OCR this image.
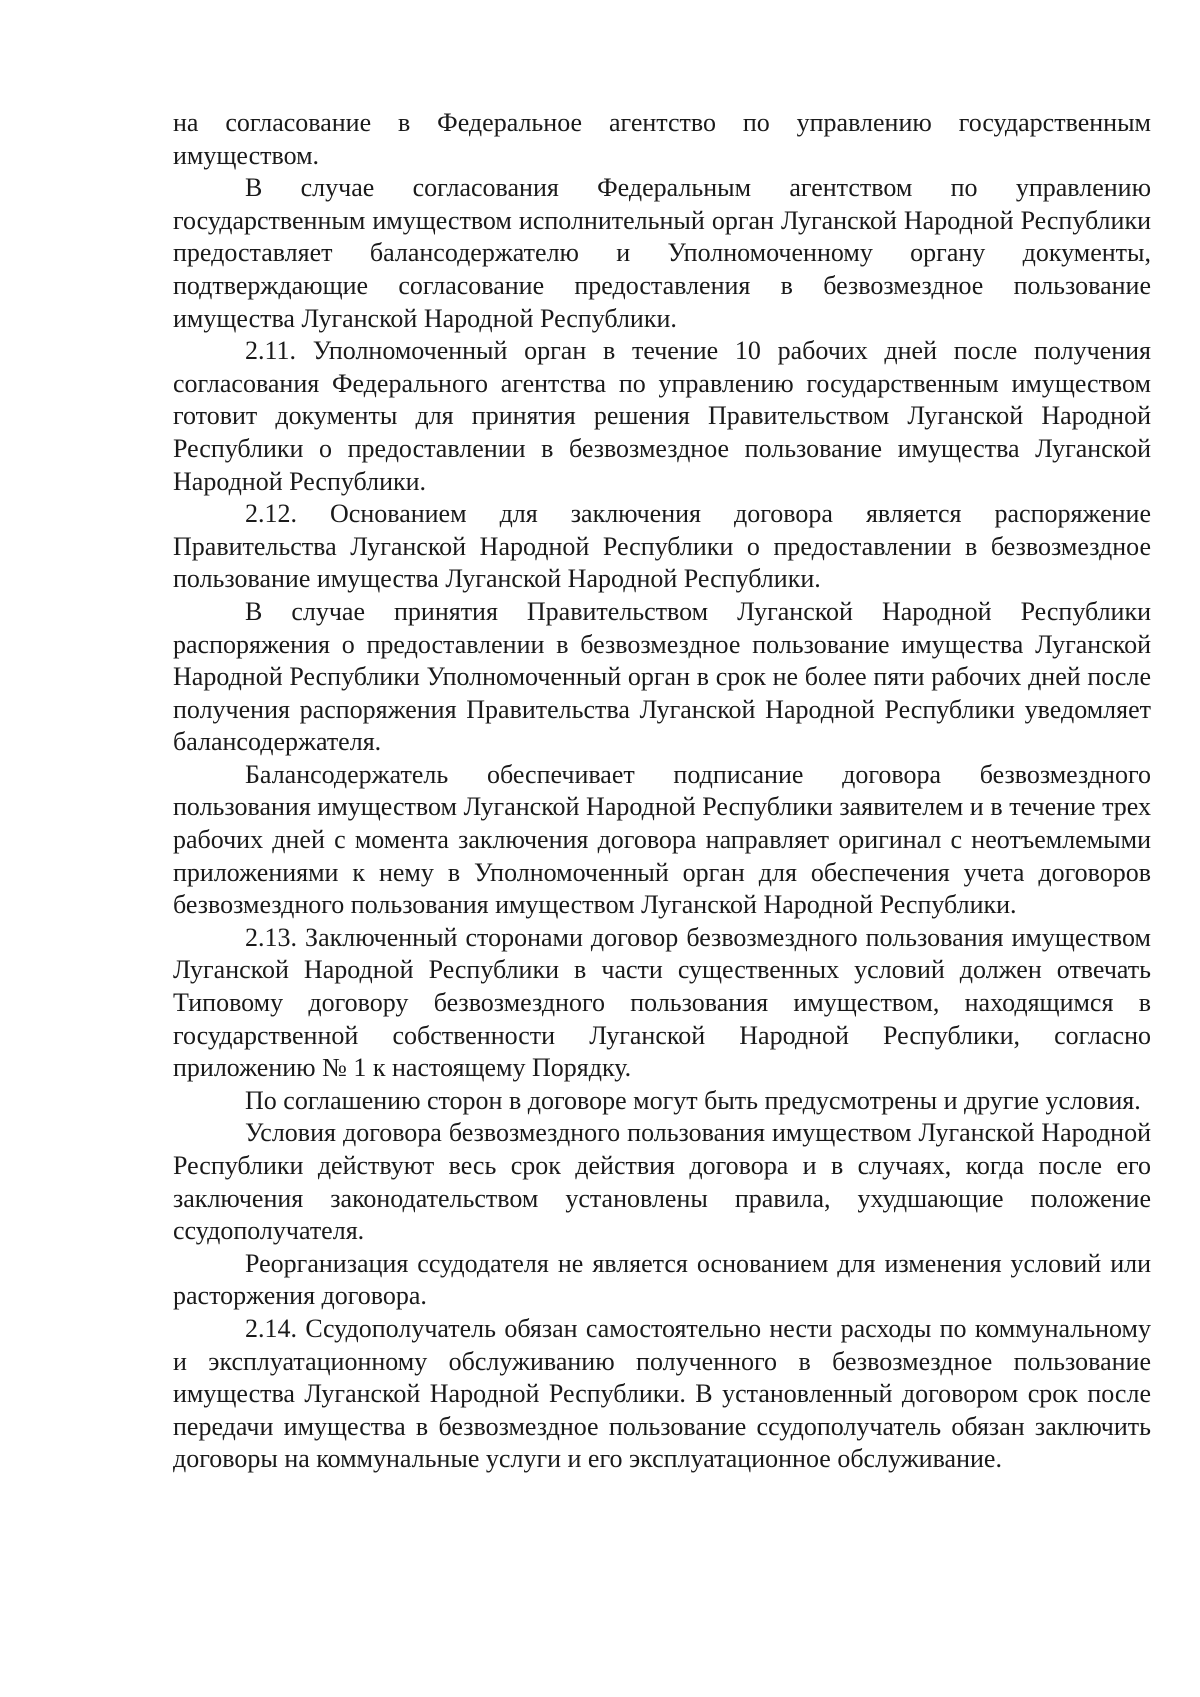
на согласование в Федеральное агентство по управлению государственным имуществом.

В случае согласования Федеральным агентством по управлению государственным имуществом исполнительный орган Луганской Народной Республики предоставляет балансодержателю и Уполномоченному органу документы, подтверждающие согласование предоставления в безвозмездное пользование имущества Луганской Народной Республики.

2.11. Уполномоченный орган в течение 10 рабочих дней после получения согласования Федерального агентства по управлению государственным имуществом готовит документы для принятия решения Правительством Луганской Народной Республики о предоставлении в безвозмездное пользование имущества Луганской Народной Республики.

2.12. Основанием для заключения договора является распоряжение Правительства Луганской Народной Республики о предоставлении в безвозмездное пользование имущества Луганской Народной Республики.

В случае принятия Правительством Луганской Народной Республики распоряжения о предоставлении в безвозмездное пользование имущества Луганской Народной Республики Уполномоченный орган в срок не более пяти рабочих дней после получения распоряжения Правительства Луганской Народной Республики уведомляет балансодержателя.

Балансодержатель обеспечивает подписание договора безвозмездного пользования имуществом Луганской Народной Республики заявителем и в течение трех рабочих дней с момента заключения договора направляет оригинал с неотъемлемыми приложениями к нему в Уполномоченный орган для обеспечения учета договоров безвозмездного пользования имуществом Луганской Народной Республики.

2.13. Заключенный сторонами договор безвозмездного пользования имуществом Луганской Народной Республики в части существенных условий должен отвечать Типовому договору безвозмездного пользования имуществом, находящимся в государственной собственности Луганской Народной Республики, согласно приложению № 1 к настоящему Порядку.

По соглашению сторон в договоре могут быть предусмотрены и другие условия.

Условия договора безвозмездного пользования имуществом Луганской Народной Республики действуют весь срок действия договора и в случаях, когда после его заключения законодательством установлены правила, ухудшающие положение ссудополучателя.

Реорганизация ссудодателя не является основанием для изменения условий или расторжения договора.

2.14. Ссудополучатель обязан самостоятельно нести расходы по коммунальному и эксплуатационному обслуживанию полученного в безвозмездное пользование имущества Луганской Народной Республики. В установленный договором срок после передачи имущества в безвозмездное пользование ссудополучатель обязан заключить договоры на коммунальные услуги и его эксплуатационное обслуживание.
